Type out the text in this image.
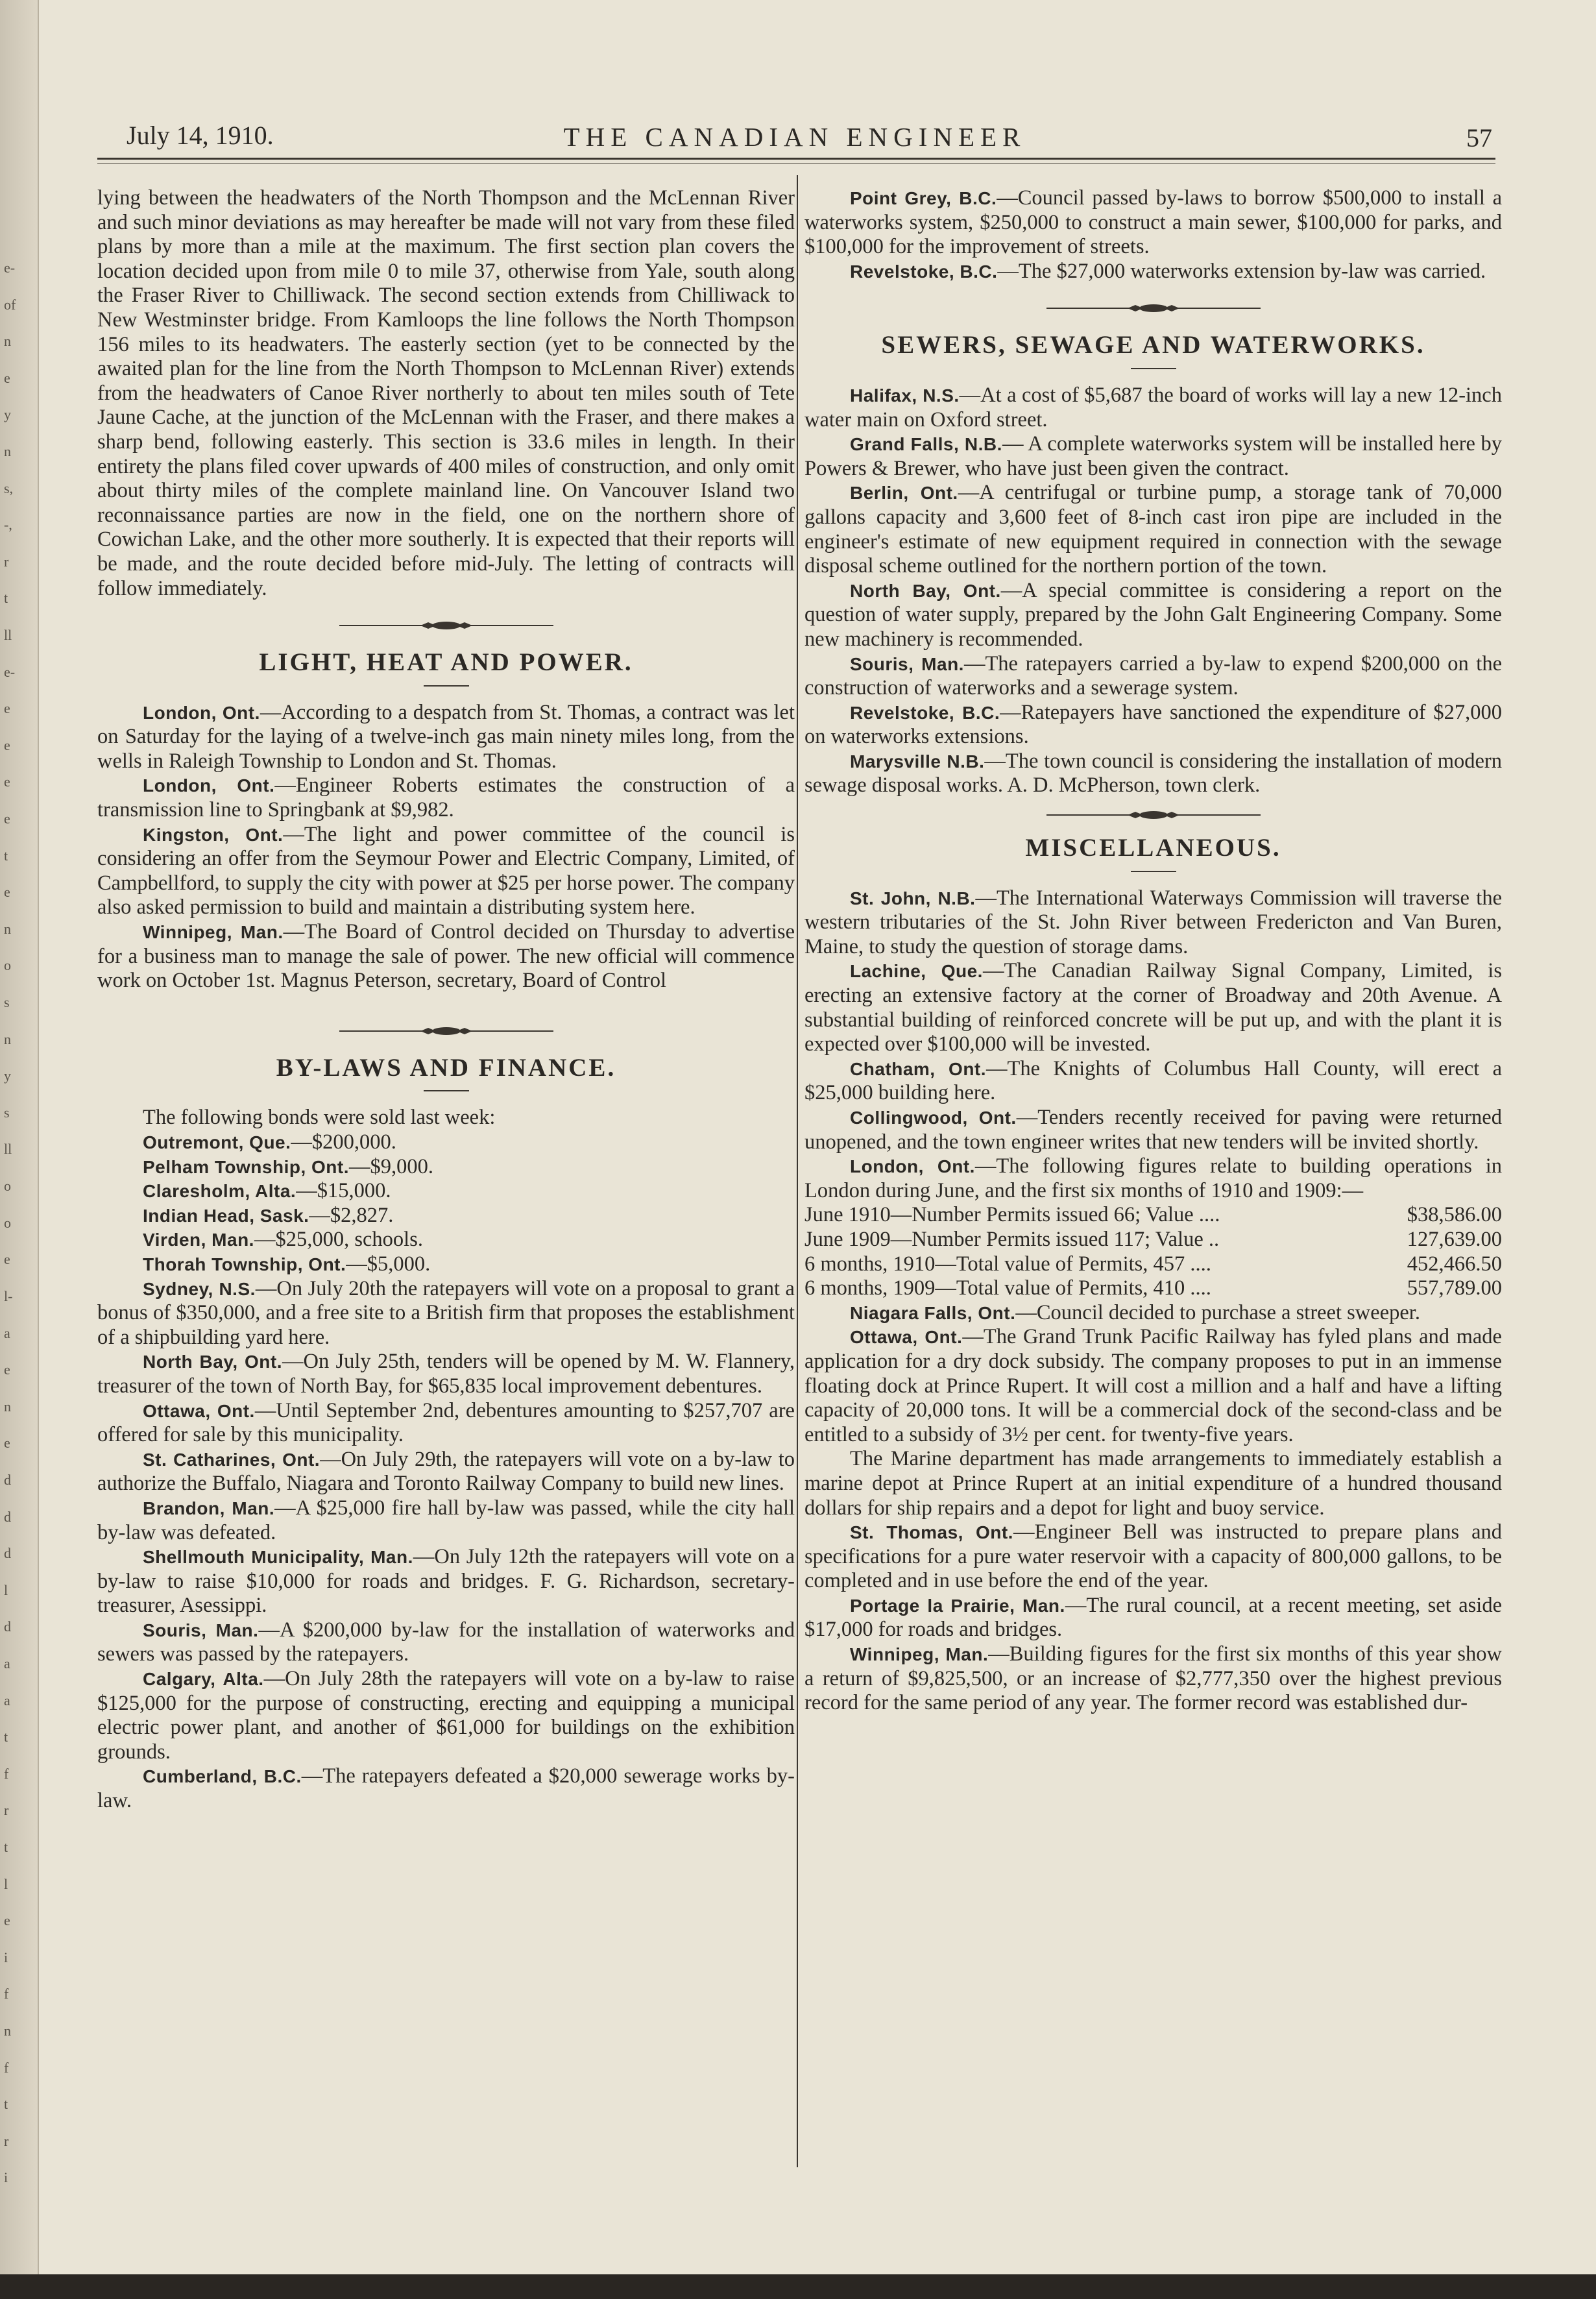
e-
of
n
e
y
n
s,
-,
r
t
ll
e-
e
e
e
e
t
e
n
o
s
n
y
s
ll
o
o
e
l-
a
e
n
e
d
d
d
l
d
a
a
t
f
r
t
l
e
i
f
n
f
t
r
i
July 14, 1910.	THE CANADIAN ENGINEER	57

lying between the headwaters of the North Thompson and the McLennan River and such minor deviations as may hereafter be made will not vary from these filed plans by more than a mile at the maximum. The first section plan covers the location decided upon from mile 0 to mile 37, otherwise from Yale, south along the Fraser River to Chilliwack. The second section extends from Chilliwack to New Westminster bridge. From Kamloops the line follows the North Thompson 156 miles to its headwaters. The easterly section (yet to be connected by the awaited plan for the line from the North Thompson to McLennan River) extends from the headwaters of Canoe River northerly to about ten miles south of Tete Jaune Cache, at the junction of the McLennan with the Fraser, and there makes a sharp bend, following easterly. This section is 33.6 miles in length. In their entirety the plans filed cover upwards of 400 miles of construction, and only omit about thirty miles of the complete mainland line. On Vancouver Island two reconnaissance parties are now in the field, one on the northern shore of Cowichan Lake, and the other more southerly. It is expected that their reports will be made, and the route decided before mid-July. The letting of contracts will follow immediately.

LIGHT, HEAT AND POWER.

London, Ont.—According to a despatch from St. Thomas, a contract was let on Saturday for the laying of a twelve-inch gas main ninety miles long, from the wells in Raleigh Township to London and St. Thomas.

London, Ont.—Engineer Roberts estimates the construction of a transmission line to Springbank at $9,982.

Kingston, Ont.—The light and power committee of the council is considering an offer from the Seymour Power and Electric Company, Limited, of Campbellford, to supply the city with power at $25 per horse power. The company also asked permission to build and maintain a distributing system here.

Winnipeg, Man.—The Board of Control decided on Thursday to advertise for a business man to manage the sale of power. The new official will commence work on October 1st. Magnus Peterson, secretary, Board of Control

BY-LAWS AND FINANCE.

The following bonds were sold last week:

Outremont, Que.—$200,000.

Pelham Township, Ont.—$9,000.

Claresholm, Alta.—$15,000.

Indian Head, Sask.—$2,827.

Virden, Man.—$25,000, schools.

Thorah Township, Ont.—$5,000.

Sydney, N.S.—On July 20th the ratepayers will vote on a proposal to grant a bonus of $350,000, and a free site to a British firm that proposes the establishment of a shipbuilding yard here.

North Bay, Ont.—On July 25th, tenders will be opened by M. W. Flannery, treasurer of the town of North Bay, for $65,835 local improvement debentures.

Ottawa, Ont.—Until September 2nd, debentures amounting to $257,707 are offered for sale by this municipality.

St. Catharines, Ont.—On July 29th, the ratepayers will vote on a by-law to authorize the Buffalo, Niagara and Toronto Railway Company to build new lines.

Brandon, Man.—A $25,000 fire hall by-law was passed, while the city hall by-law was defeated.

Shellmouth Municipality, Man.—On July 12th the ratepayers will vote on a by-law to raise $10,000 for roads and bridges. F. G. Richardson, secretary-treasurer, Asessippi.

Souris, Man.—A $200,000 by-law for the installation of waterworks and sewers was passed by the ratepayers.

Calgary, Alta.—On July 28th the ratepayers will vote on a by-law to raise $125,000 for the purpose of constructing, erecting and equipping a municipal electric power plant, and another of $61,000 for buildings on the exhibition grounds.

Cumberland, B.C.—The ratepayers defeated a $20,000 sewerage works by-law.

Point Grey, B.C.—Council passed by-laws to borrow $500,000 to install a waterworks system, $250,000 to construct a main sewer, $100,000 for parks, and $100,000 for the improvement of streets.

Revelstoke, B.C.—The $27,000 waterworks extension by-law was carried.

SEWERS, SEWAGE AND WATERWORKS.

Halifax, N.S.—At a cost of $5,687 the board of works will lay a new 12-inch water main on Oxford street.

Grand Falls, N.B.— A complete waterworks system will be installed here by Powers & Brewer, who have just been given the contract.

Berlin, Ont.—A centrifugal or turbine pump, a storage tank of 70,000 gallons capacity and 3,600 feet of 8-inch cast iron pipe are included in the engineer's estimate of new equipment required in connection with the sewage disposal scheme outlined for the northern portion of the town.

North Bay, Ont.—A special committee is considering a report on the question of water supply, prepared by the John Galt Engineering Company. Some new machinery is recommended.

Souris, Man.—The ratepayers carried a by-law to expend $200,000 on the construction of waterworks and a sewerage system.

Revelstoke, B.C.—Ratepayers have sanctioned the expenditure of $27,000 on waterworks extensions.

Marysville N.B.—The town council is considering the installation of modern sewage disposal works. A. D. McPherson, town clerk.

MISCELLANEOUS.

St. John, N.B.—The International Waterways Commission will traverse the western tributaries of the St. John River between Fredericton and Van Buren, Maine, to study the question of storage dams.

Lachine, Que.—The Canadian Railway Signal Company, Limited, is erecting an extensive factory at the corner of Broadway and 20th Avenue. A substantial building of reinforced concrete will be put up, and with the plant it is expected over $100,000 will be invested.

Chatham, Ont.—The Knights of Columbus Hall County, will erect a $25,000 building here.

Collingwood, Ont.—Tenders recently received for paving were returned unopened, and the town engineer writes that new tenders will be invited shortly.

London, Ont.—The following figures relate to building operations in London during June, and the first six months of 1910 and 1909:—

June 1910—Number Permits issued 66; Value ....	$38,586.00
June 1909—Number Permits issued 117; Value ..	127,639.00
6 months, 1910—Total value of Permits, 457 ....	452,466.50
6 months, 1909—Total value of Permits, 410 ....	557,789.00

Niagara Falls, Ont.—Council decided to purchase a street sweeper.

Ottawa, Ont.—The Grand Trunk Pacific Railway has fyled plans and made application for a dry dock subsidy. The company proposes to put in an immense floating dock at Prince Rupert. It will cost a million and a half and have a lifting capacity of 20,000 tons. It will be a commercial dock of the second-class and be entitled to a subsidy of 3½ per cent. for twenty-five years.

The Marine department has made arrangements to immediately establish a marine depot at Prince Rupert at an initial expenditure of a hundred thousand dollars for ship repairs and a depot for light and buoy service.

St. Thomas, Ont.—Engineer Bell was instructed to prepare plans and specifications for a pure water reservoir with a capacity of 800,000 gallons, to be completed and in use before the end of the year.

Portage la Prairie, Man.—The rural council, at a recent meeting, set aside $17,000 for roads and bridges.

Winnipeg, Man.—Building figures for the first six months of this year show a return of $9,825,500, or an increase of $2,777,350 over the highest previous record for the same period of any year. The former record was established dur-
